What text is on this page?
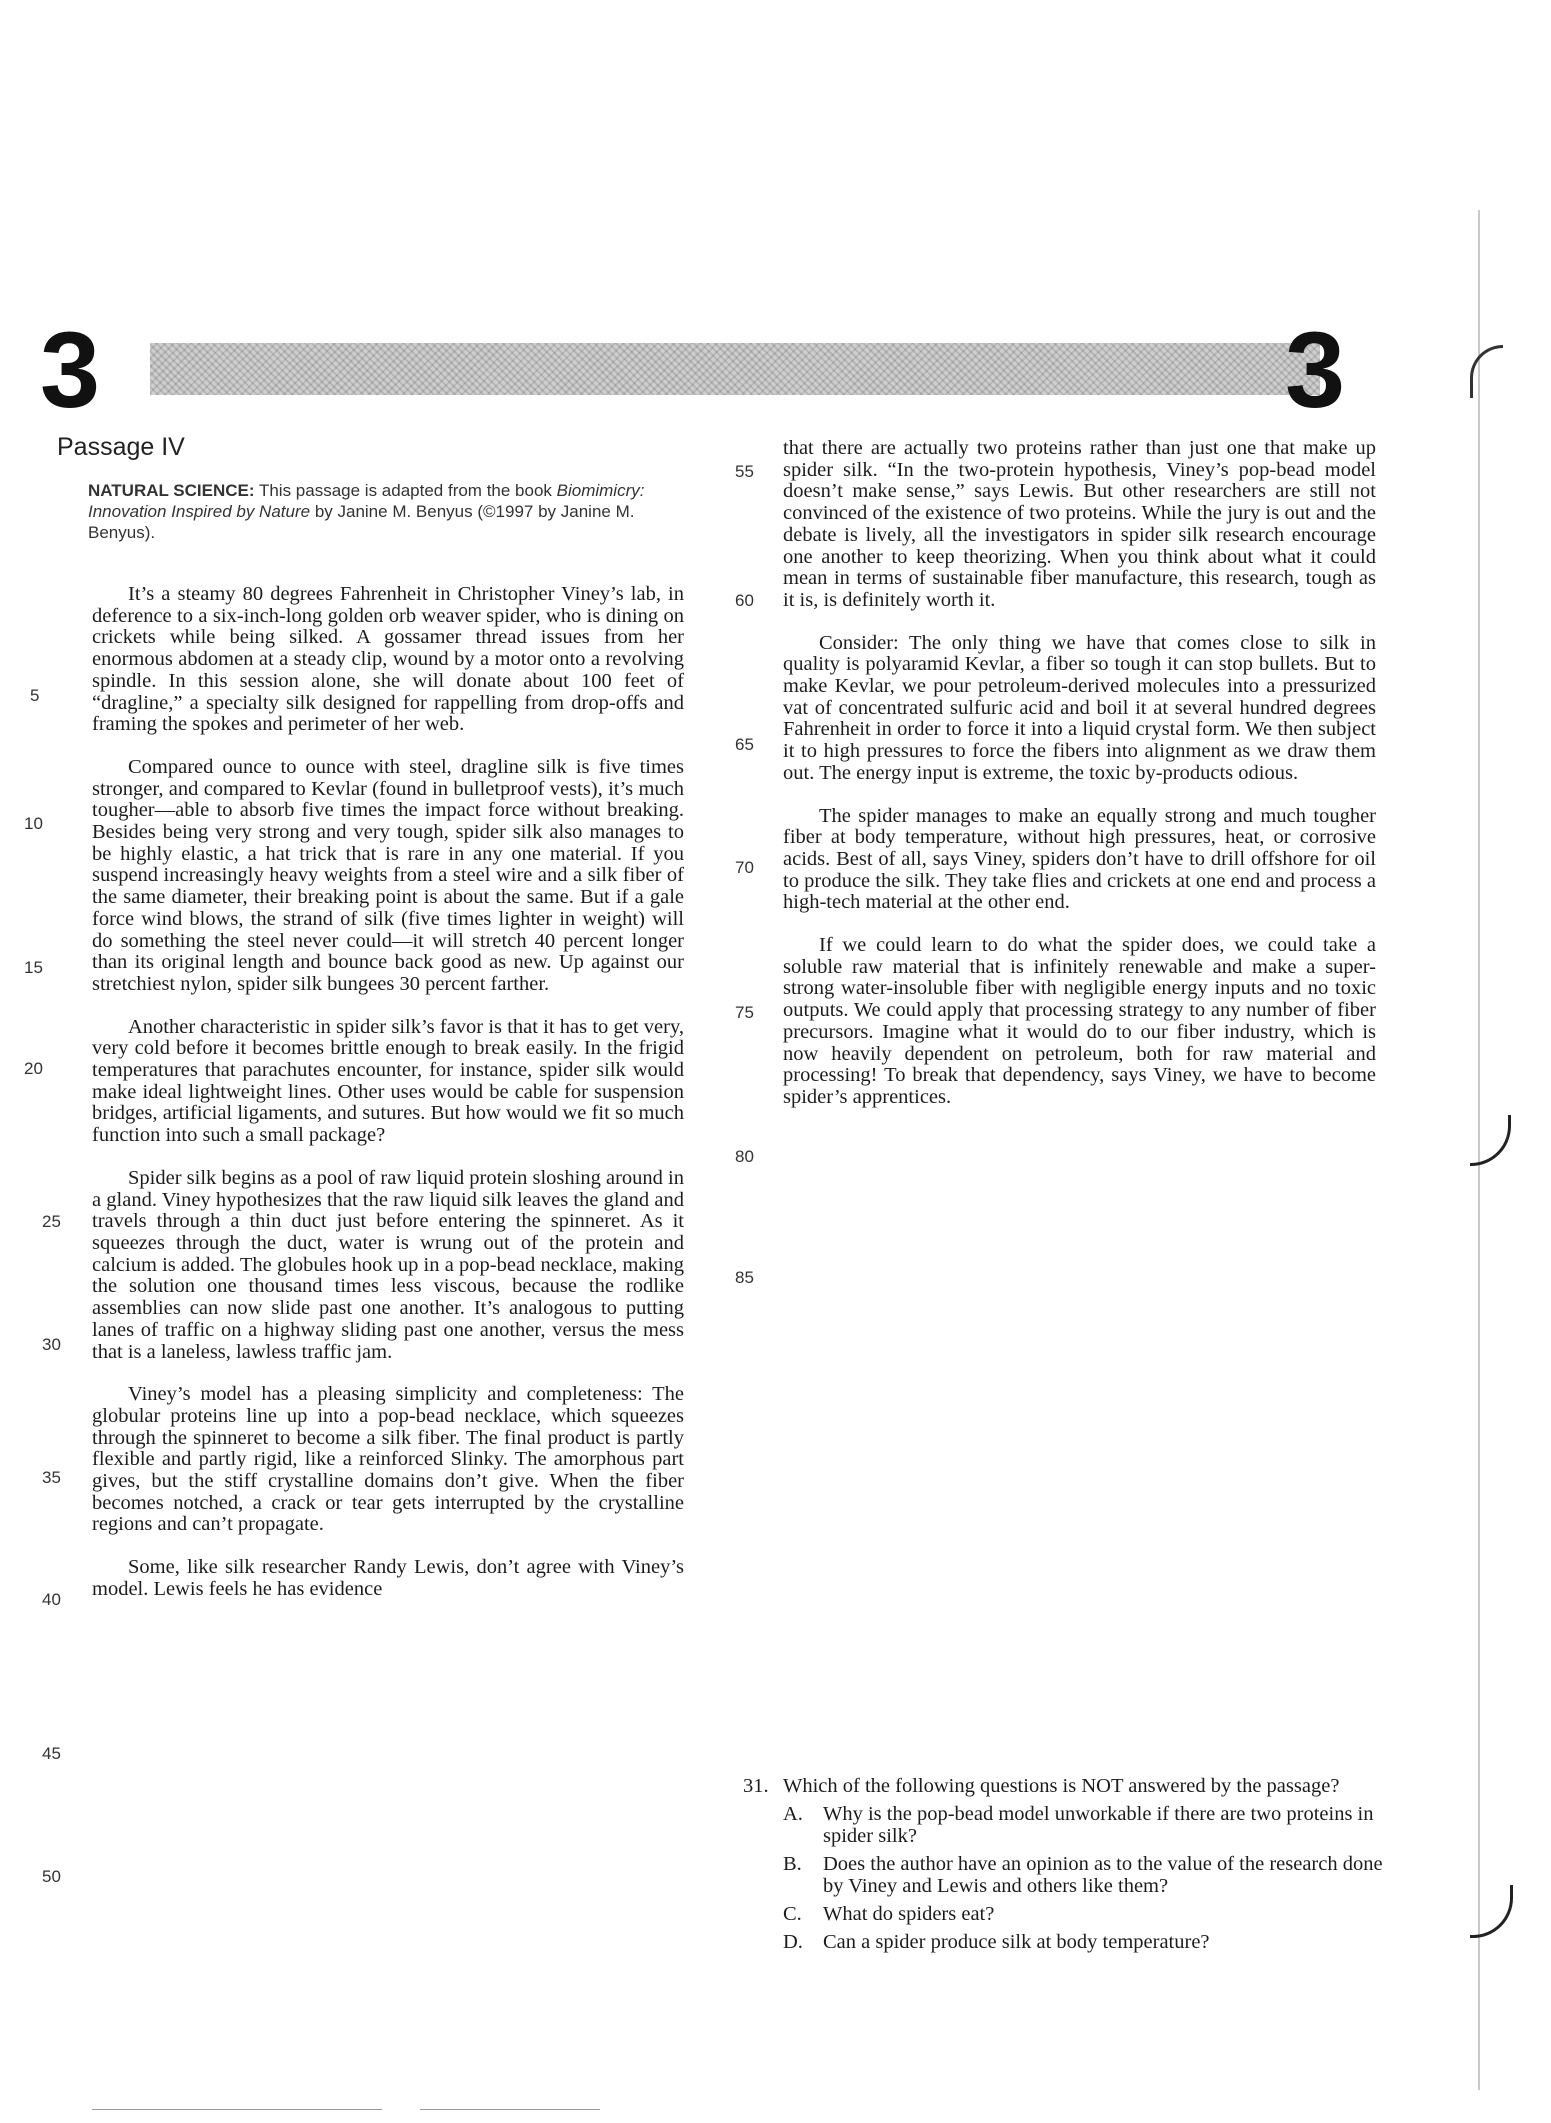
3	3
Passage IV
NATURAL SCIENCE: This passage is adapted from the book Biomimicry: Innovation Inspired by Nature by Janine M. Benyus (©1997 by Janine M. Benyus).

It’s a steamy 80 degrees Fahrenheit in Christopher Viney’s lab, in deference to a six-inch-long golden orb weaver spider, who is dining on crickets while being silked. A gossamer thread issues from her enormous abdomen at a steady clip, wound by a motor onto a revolving spindle. In this session alone, she will donate about 100 feet of “dragline,” a specialty silk designed for rappelling from drop-offs and framing the spokes and perimeter of her web.

Compared ounce to ounce with steel, dragline silk is five times stronger, and compared to Kevlar (found in bulletproof vests), it’s much tougher—able to absorb five times the impact force without breaking. Besides being very strong and very tough, spider silk also manages to be highly elastic, a hat trick that is rare in any one material. If you suspend increasingly heavy weights from a steel wire and a silk fiber of the same diameter, their breaking point is about the same. But if a gale force wind blows, the strand of silk (five times lighter in weight) will do something the steel never could—it will stretch 40 percent longer than its original length and bounce back good as new. Up against our stretchiest nylon, spider silk bungees 30 percent farther.

Another characteristic in spider silk’s favor is that it has to get very, very cold before it becomes brittle enough to break easily. In the frigid temperatures that parachutes encounter, for instance, spider silk would make ideal lightweight lines. Other uses would be cable for suspension bridges, artificial ligaments, and sutures. But how would we fit so much function into such a small package?

Spider silk begins as a pool of raw liquid protein sloshing around in a gland. Viney hypothesizes that the raw liquid silk leaves the gland and travels through a thin duct just before entering the spinneret. As it squeezes through the duct, water is wrung out of the protein and calcium is added. The globules hook up in a pop-bead necklace, making the solution one thousand times less viscous, because the rodlike assemblies can now slide past one another. It’s analogous to putting lanes of traffic on a highway sliding past one another, versus the mess that is a laneless, lawless traffic jam.

Viney’s model has a pleasing simplicity and completeness: The globular proteins line up into a pop-bead necklace, which squeezes through the spinneret to become a silk fiber. The final product is partly flexible and partly rigid, like a reinforced Slinky. The amorphous part gives, but the stiff crystalline domains don’t give. When the fiber becomes notched, a crack or tear gets interrupted by the crystalline regions and can’t propagate.

Some, like silk researcher Randy Lewis, don’t agree with Viney’s model. Lewis feels he has evidence

5
10
15
20
25
30
35
40
45
50

that there are actually two proteins rather than just one that make up spider silk. “In the two-protein hypothesis, Viney’s pop-bead model doesn’t make sense,” says Lewis. But other researchers are still not convinced of the existence of two proteins. While the jury is out and the debate is lively, all the investigators in spider silk research encourage one another to keep theorizing. When you think about what it could mean in terms of sustainable fiber manufacture, this research, tough as it is, is definitely worth it.

Consider: The only thing we have that comes close to silk in quality is polyaramid Kevlar, a fiber so tough it can stop bullets. But to make Kevlar, we pour petroleum-derived molecules into a pressurized vat of concentrated sulfuric acid and boil it at several hundred degrees Fahrenheit in order to force it into a liquid crystal form. We then subject it to high pressures to force the fibers into alignment as we draw them out. The energy input is extreme, the toxic by-products odious.

The spider manages to make an equally strong and much tougher fiber at body temperature, without high pressures, heat, or corrosive acids. Best of all, says Viney, spiders don’t have to drill offshore for oil to produce the silk. They take flies and crickets at one end and process a high-tech material at the other end.

If we could learn to do what the spider does, we could take a soluble raw material that is infinitely renewable and make a super-strong water-insoluble fiber with negligible energy inputs and no toxic outputs. We could apply that processing strategy to any number of fiber precursors. Imagine what it would do to our fiber industry, which is now heavily dependent on petroleum, both for raw material and processing! To break that dependency, says Viney, we have to become spider’s apprentices.

55
60
65
70
75
80
85
31. Which of the following questions is NOT answered by the passage?
A. Why is the pop-bead model unworkable if there are two proteins in spider silk?
B.	Does the author have an opinion as to the value of the research done by Viney and Lewis and others like them?
C.	What do spiders eat?
D. Can a spider produce silk at body temperature?
